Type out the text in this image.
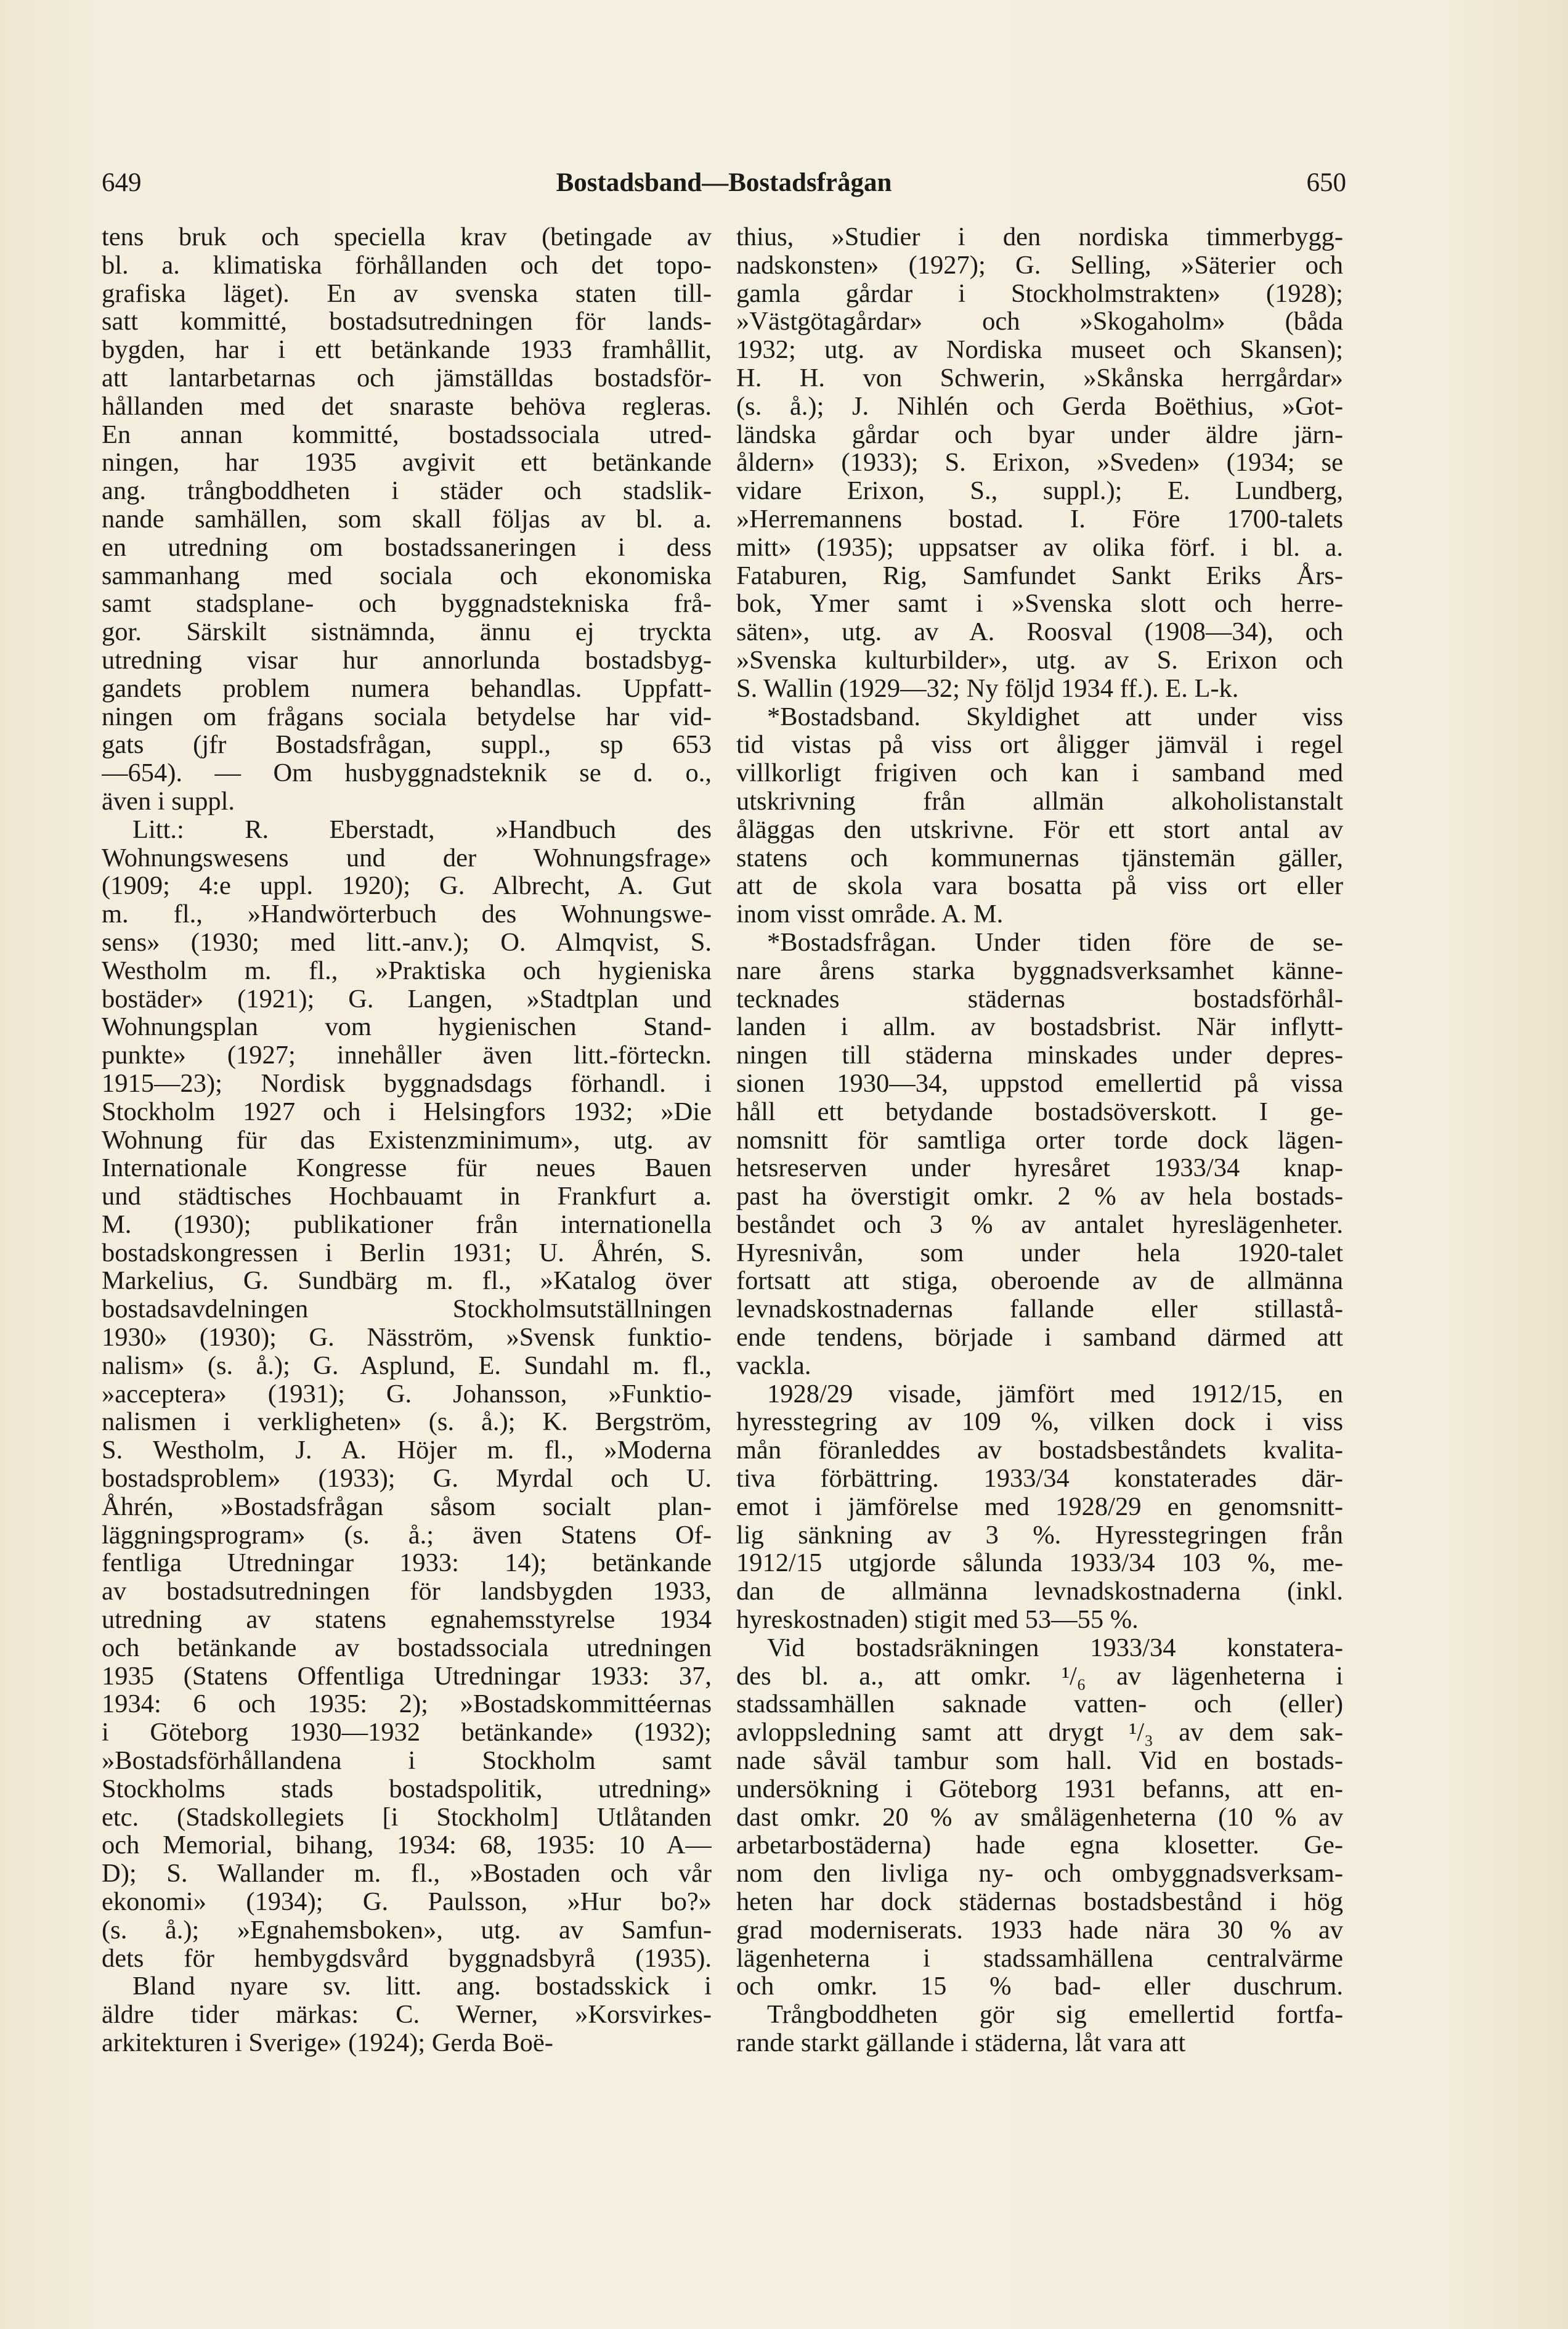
649	Bostadsband—Bostadsfrågan	650
tens bruk och speciella krav (betingade av
bl. a. klimatiska förhållanden och det topo-
grafiska läget). En av svenska staten till-
satt kommitté, bostadsutredningen för lands-
bygden, har i ett betänkande 1933 framhållit,
att lantarbetarnas och jämställdas bostadsför-
hållanden med det snaraste behöva regleras.
En annan kommitté, bostadssociala utred-
ningen, har 1935 avgivit ett betänkande
ang. trångboddheten i städer och stadslik-
nande samhällen, som skall följas av bl. a.
en utredning om bostadssaneringen i dess
sammanhang med sociala och ekonomiska
samt stadsplane- och byggnadstekniska frå-
gor. Särskilt sistnämnda, ännu ej tryckta
utredning visar hur annorlunda bostadsbyg-
gandets problem numera behandlas. Uppfatt-
ningen om frågans sociala betydelse har vid-
gats (jfr Bostadsfrågan, suppl., sp 653
—654). — Om husbyggnadsteknik se d. o.,
även i suppl.
Litt.: R. Eberstadt, »Handbuch des
Wohnungswesens und der Wohnungsfrage»
(1909; 4:e uppl. 1920); G. Albrecht, A. Gut
m. fl., »Handwörterbuch des Wohnungswe-
sens» (1930; med litt.-anv.); O. Almqvist, S.
Westholm m. fl., »Praktiska och hygieniska
bostäder» (1921); G. Langen, »Stadtplan und
Wohnungsplan vom hygienischen Stand-
punkte» (1927; innehåller även litt.-förteckn.
1915—23); Nordisk byggnadsdags förhandl. i
Stockholm 1927 och i Helsingfors 1932; »Die
Wohnung für das Existenzminimum», utg. av
Internationale Kongresse für neues Bauen
und städtisches Hochbauamt in Frankfurt a.
M. (1930); publikationer från internationella
bostadskongressen i Berlin 1931; U. Åhrén, S.
Markelius, G. Sundbärg m. fl., »Katalog över
bostadsavdelningen Stockholmsutställningen
1930» (1930); G. Näsström, »Svensk funktio-
nalism» (s. å.); G. Asplund, E. Sundahl m. fl.,
»acceptera» (1931); G. Johansson, »Funktio-
nalismen i verkligheten» (s. å.); K. Bergström,
S. Westholm, J. A. Höjer m. fl., »Moderna
bostadsproblem» (1933); G. Myrdal och U.
Åhrén, »Bostadsfrågan såsom socialt plan-
läggningsprogram» (s. å.; även Statens Of-
fentliga Utredningar 1933: 14); betänkande
av bostadsutredningen för landsbygden 1933,
utredning av statens egnahemsstyrelse 1934
och betänkande av bostadssociala utredningen
1935 (Statens Offentliga Utredningar 1933: 37,
1934: 6 och 1935: 2); »Bostadskommittéernas
i Göteborg 1930—1932 betänkande» (1932);
»Bostadsförhållandena i Stockholm samt
Stockholms stads bostadspolitik, utredning»
etc. (Stadskollegiets [i Stockholm] Utlåtanden
och Memorial, bihang, 1934: 68, 1935: 10 A—
D); S. Wallander m. fl., »Bostaden och vår
ekonomi» (1934); G. Paulsson, »Hur bo?»
(s. å.); »Egnahemsboken», utg. av Samfun-
dets för hembygdsvård byggnadsbyrå (1935).
Bland nyare sv. litt. ang. bostadsskick i
äldre tider märkas: C. Werner, »Korsvirkes-
arkitekturen i Sverige» (1924); Gerda Boë-
thius, »Studier i den nordiska timmerbygg-
nadskonsten» (1927); G. Selling, »Säterier och
gamla gårdar i Stockholmstrakten» (1928);
»Västgötagårdar» och »Skogaholm» (båda
1932; utg. av Nordiska museet och Skansen);
H. H. von Schwerin, »Skånska herrgårdar»
(s. å.); J. Nihlén och Gerda Boëthius, »Got-
ländska gårdar och byar under äldre järn-
åldern» (1933); S. Erixon, »Sveden» (1934; se
vidare Erixon, S., suppl.); E. Lundberg,
»Herremannens bostad. I. Före 1700-talets
mitt» (1935); uppsatser av olika förf. i bl. a.
Fataburen, Rig, Samfundet Sankt Eriks Års-
bok, Ymer samt i »Svenska slott och herre-
säten», utg. av A. Roosval (1908—34), och
»Svenska kulturbilder», utg. av S. Erixon och
S. Wallin (1929—32; Ny följd 1934 ff.). E. L-k.
*Bostadsband. Skyldighet att under viss
tid vistas på viss ort åligger jämväl i regel
villkorligt frigiven och kan i samband med
utskrivning från allmän alkoholistanstalt
åläggas den utskrivne. För ett stort antal av
statens och kommunernas tjänstemän gäller,
att de skola vara bosatta på viss ort eller
inom visst område. A. M.
*Bostadsfrågan. Under tiden före de se-
nare årens starka byggnadsverksamhet känne-
tecknades städernas bostadsförhål-
landen i allm. av bostadsbrist. När inflytt-
ningen till städerna minskades under depres-
sionen 1930—34, uppstod emellertid på vissa
håll ett betydande bostadsöverskott. I ge-
nomsnitt för samtliga orter torde dock lägen-
hetsreserven under hyresåret 1933/34 knap-
past ha överstigit omkr. 2 % av hela bostads-
beståndet och 3 % av antalet hyreslägenheter.
Hyresnivån, som under hela 1920-talet
fortsatt att stiga, oberoende av de allmänna
levnadskostnadernas fallande eller stillastå-
ende tendens, började i samband därmed att
vackla.
1928/29 visade, jämfört med 1912/15, en
hyresstegring av 109 %, vilken dock i viss
mån föranleddes av bostadsbeståndets kvalita-
tiva förbättring. 1933/34 konstaterades där-
emot i jämförelse med 1928/29 en genomsnitt-
lig sänkning av 3 %. Hyresstegringen från
1912/15 utgjorde sålunda 1933/34 103 %, me-
dan de allmänna levnadskostnaderna (inkl.
hyreskostnaden) stigit med 53—55 %.
Vid bostadsräkningen 1933/34 konstatera-
des bl. a., att omkr. ¹/₆ av lägenheterna i
stadssamhällen saknade vatten- och (eller)
avloppsledning samt att drygt ¹/₃ av dem sak-
nade såväl tambur som hall. Vid en bostads-
undersökning i Göteborg 1931 befanns, att en-
dast omkr. 20 % av smålägenheterna (10 % av
arbetarbostäderna) hade egna klosetter. Ge-
nom den livliga ny- och ombyggnadsverksam-
heten har dock städernas bostadsbestånd i hög
grad moderniserats. 1933 hade nära 30 % av
lägenheterna i stadssamhällena centralvärme
och omkr. 15 % bad- eller duschrum.
Trångboddheten gör sig emellertid fortfa-
rande starkt gällande i städerna, låt vara att
